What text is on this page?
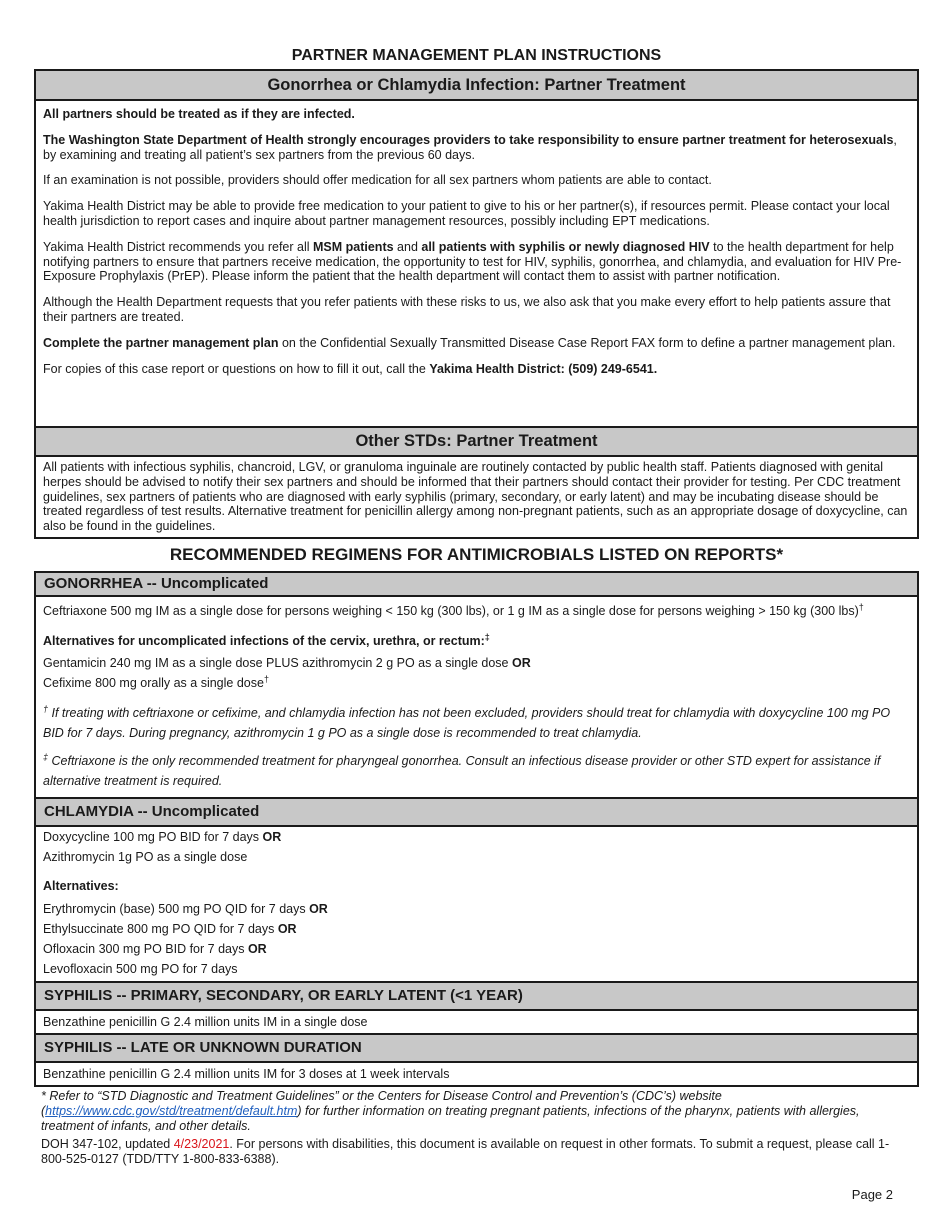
PARTNER MANAGEMENT PLAN INSTRUCTIONS
Gonorrhea or Chlamydia Infection: Partner Treatment

All partners should be treated as if they are infected.

The Washington State Department of Health strongly encourages providers to take responsibility to ensure partner treatment for heterosexuals, by examining and treating all patient’s sex partners from the previous 60 days.

If an examination is not possible, providers should offer medication for all sex partners whom patients are able to contact.

Yakima Health District may be able to provide free medication to your patient to give to his or her partner(s), if resources permit. Please contact your local health jurisdiction to report cases and inquire about partner management resources, possibly including EPT medications.

Yakima Health District recommends you refer all MSM patients and all patients with syphilis or newly diagnosed HIV to the health department for help notifying partners to ensure that partners receive medication, the opportunity to test for HIV, syphilis, gonorrhea, and chlamydia, and evaluation for HIV Pre-Exposure Prophylaxis (PrEP). Please inform the patient that the health department will contact them to assist with partner notification.

Although the Health Department requests that you refer patients with these risks to us, we also ask that you make every effort to help patients assure that their partners are treated.

Complete the partner management plan on the Confidential Sexually Transmitted Disease Case Report FAX form to define a partner management plan.

For copies of this case report or questions on how to fill it out, call the Yakima Health District: (509) 249-6541.

Other STDs: Partner Treatment

All patients with infectious syphilis, chancroid, LGV, or granuloma inguinale are routinely contacted by public health staff. Patients diagnosed with genital herpes should be advised to notify their sex partners and should be informed that their partners should contact their provider for testing. Per CDC treatment guidelines, sex partners of patients who are diagnosed with early syphilis (primary, secondary, or early latent) and may be incubating disease should be treated regardless of test results. Alternative treatment for penicillin allergy among non-pregnant patients, such as an appropriate dosage of doxycycline, can also be found in the guidelines.

RECOMMENDED REGIMENS FOR ANTIMICROBIALS LISTED ON REPORTS*
GONORRHEA -- Uncomplicated
Ceftriaxone 500 mg IM as a single dose for persons weighing < 150 kg (300 lbs), or 1 g IM as a single dose for persons weighing > 150 kg (300 lbs)†
Alternatives for uncomplicated infections of the cervix, urethra, or rectum:‡
Gentamicin 240 mg IM as a single dose PLUS azithromycin 2 g PO as a single dose OR
Cefixime 800 mg orally as a single dose†

† If treating with ceftriaxone or cefixime, and chlamydia infection has not been excluded, providers should treat for chlamydia with doxycycline 100 mg PO BID for 7 days. During pregnancy, azithromycin 1 g PO as a single dose is recommended to treat chlamydia.

‡ Ceftriaxone is the only recommended treatment for pharyngeal gonorrhea. Consult an infectious disease provider or other STD expert for assistance if alternative treatment is required.

CHLAMYDIA -- Uncomplicated
Doxycycline 100 mg PO BID for 7 days OR
Azithromycin 1g PO as a single dose
Alternatives:
Erythromycin (base) 500 mg PO QID for 7 days OR
Ethylsuccinate 800 mg PO QID for 7 days OR
Ofloxacin 300 mg PO BID for 7 days OR
Levofloxacin 500 mg PO for 7 days
SYPHILIS -- PRIMARY, SECONDARY, OR EARLY LATENT (<1 YEAR)
Benzathine penicillin G 2.4 million units IM in a single dose
SYPHILIS -- LATE OR UNKNOWN DURATION
Benzathine penicillin G 2.4 million units IM for 3 doses at 1 week intervals

* Refer to “STD Diagnostic and Treatment Guidelines” or the Centers for Disease Control and Prevention’s (CDC’s) website (https://www.cdc.gov/std/treatment/default.htm) for further information on treating pregnant patients, infections of the pharynx, patients with allergies, treatment of infants, and other details.

DOH 347-102, updated 4/23/2021. For persons with disabilities, this document is available on request in other formats. To submit a request, please call 1-800-525-0127 (TDD/TTY 1-800-833-6388).

Page 2
